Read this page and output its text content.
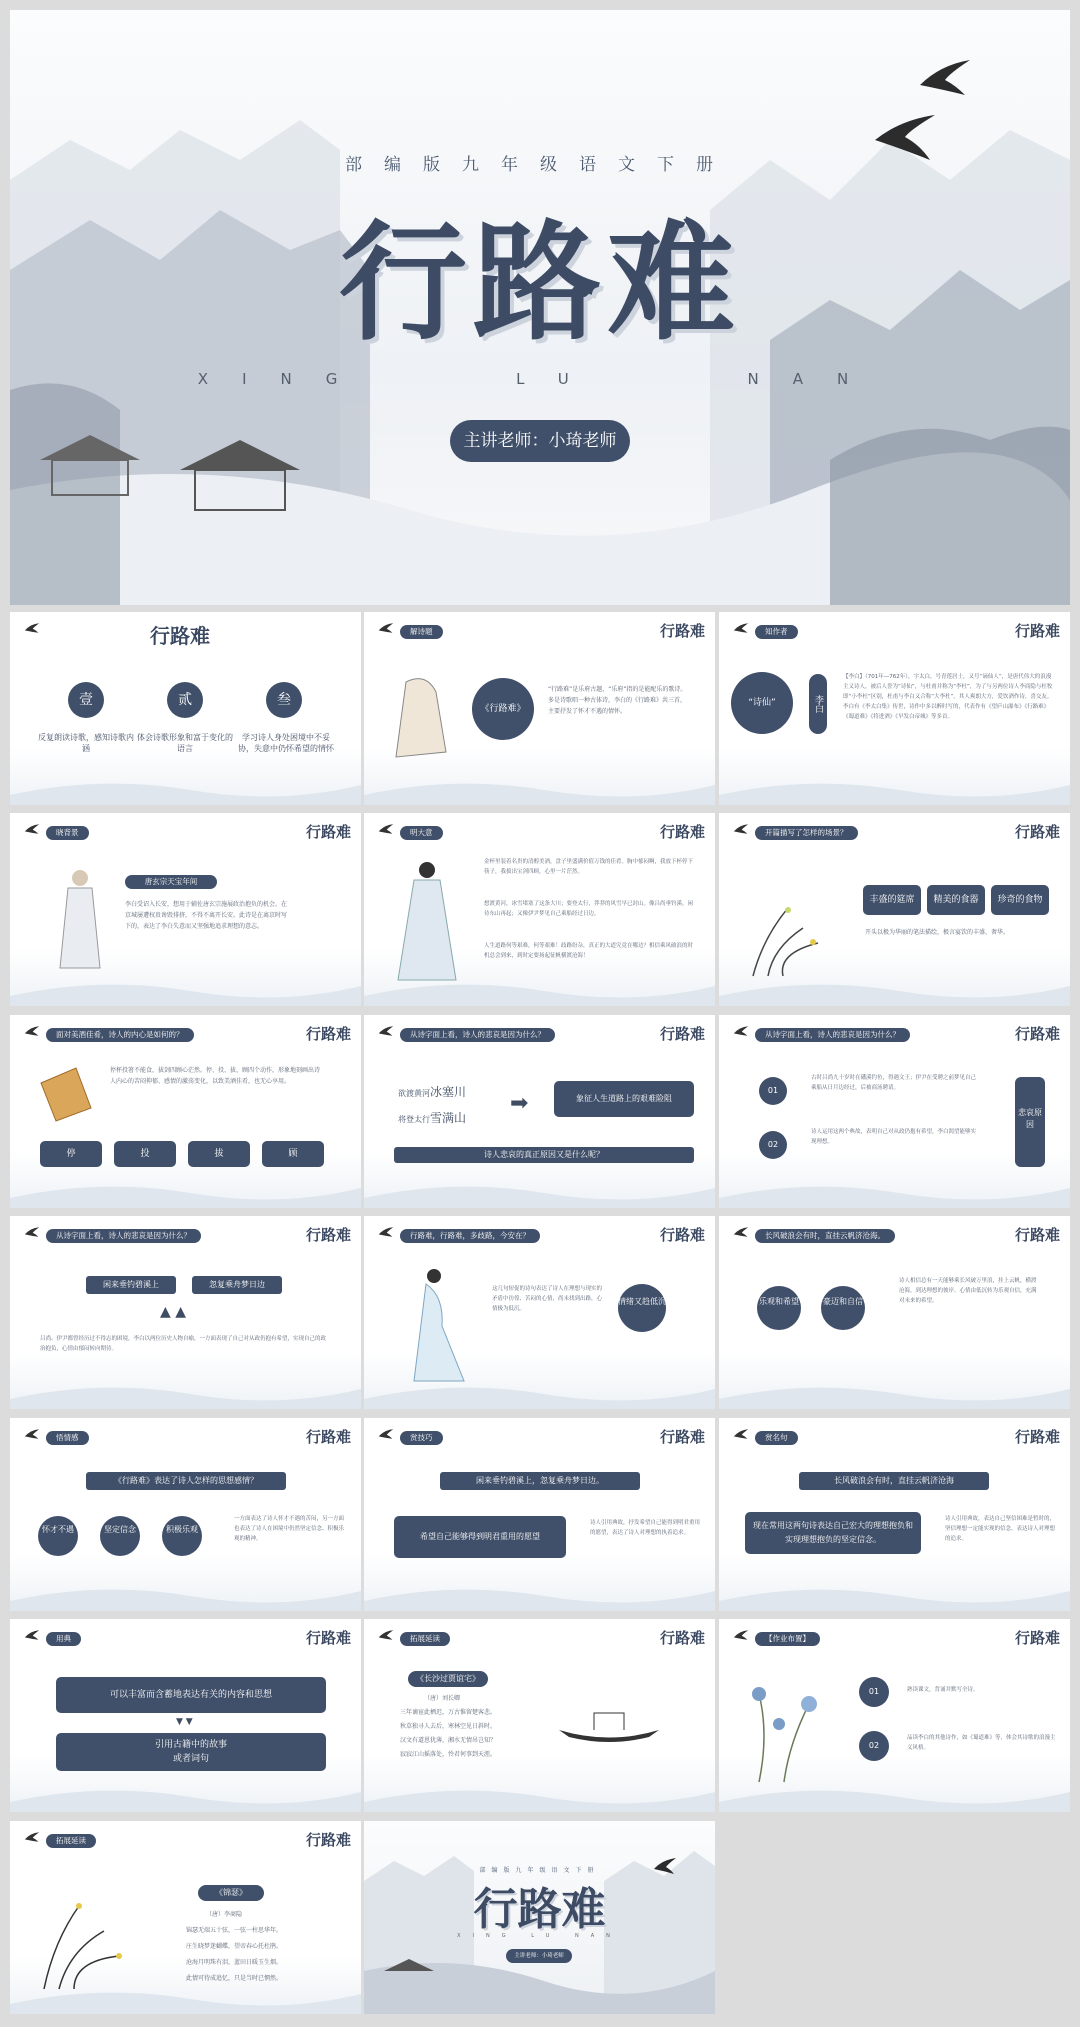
部编版九年级语文下册
行路难
XING	LU	NAN
主讲老师：小琦老师
行路难
壹	贰	叁
反复朗读诗歌，感知诗歌内涵
体会诗歌形象和富于变化的语言
学习诗人身处困境中不妥协，失意中仍怀希望的情怀
解诗题	行路难
《行路难》
“行路难”是乐府古题，“乐府”指的是能配乐的歌诗。多是诗歌唱一种古体诗，李白的《行路难》共三首，主要抒发了怀才不遇的情怀。
知作者	行路难
“诗仙”	李白
【李白】（701年—762年），字太白，号青莲居士，又号“谪仙人”，是唐代伟大的浪漫主义诗人，被后人誉为“诗仙”，与杜甫并称为“李杜”，为了与另两位诗人李商隐与杜牧即“小李杜”区别，杜甫与李白又合称“大李杜”。其人爽朗大方，爱饮酒作诗，喜交友。李白有《李太白集》传世，诗作中多以醉时写的，代表作有《望庐山瀑布》《行路难》《蜀道难》《将进酒》《早发白帝城》等多首。
晓背景	行路难
唐玄宗天宝年间
李白受诏入长安，想用于辅佐唐玄宗施展政治抱负的机会。在京城屡遭权贵谗毁排挤，不得不离开长安。此诗是在离京时写下的，表达了李白失意而又坚强地追求理想的意志。
明大意	行路难
金杯里装着名贵的清醇美酒，盘子里盛满价值万钱的佳肴。胸中郁闷啊，我放下杯停下筷子，我拔出宝剑四顾，心里一片茫然。
想渡黄河，冰雪堵塞了这条大川；要登太行，莽莽的风雪早已封山。像吕尚垂钓溪，闲待东山再起；又像伊尹梦见自己乘船经过日边。
人生道路何等艰难，何等艰难！歧路纷杂，真正的大道究竟在哪边？相信乘风破浪的时机总会到来，到时定要扬起征帆横渡沧海！
开篇描写了怎样的场景？	行路难
丰盛的筵席	精美的食器	珍奇的食物
开头以极为华丽的笔法描绘，极言宴饮的丰盛、奢华。
面对美酒佳肴，诗人的内心是如何的？	行路难
停杯投箸不能食，拔剑四顾心茫然。停、投、拔、顾四个动作，形象地刻画出诗人内心的苦闷抑郁、感情的激荡变化，以致美酒佳肴，也无心享用。
停	投	拔	顾
从诗字面上看，诗人的悲哀是因为什么？	行路难
欲渡黄河冰塞川
将登太行雪满山
➡	象征人生道路上的艰难险阻
诗人悲哀的真正原因又是什么呢？
从诗字面上看，诗人的悲哀是因为什么？	行路难
01
古时吕尚九十岁时在磻溪钓鱼，得遇文王；伊尹在受聘之前梦见自己乘船从日月边经过，后被商汤聘请。
02
诗人运用这两个典故，表明自己对从政仍抱有希望，李白渴望能够实现理想。
悲哀原因
从诗字面上看，诗人的悲哀是因为什么？	行路难
闲来垂钓碧溪上	忽复乘舟梦日边
▲ ▲
吕尚、伊尹都曾经历过不得志的困境，李白以两位历史人物自喻，一方面表现了自己对从政仍抱有希望，实现自己的政治抱负，心情由郁闷转向期待。
行路难，行路难，多歧路，今安在？	行路难
这几句短促的诗句表达了诗人在理想与现实的矛盾中彷徨、苦闷的心情，尚未找到出路，心情极为低沉。
情绪又趋低沉
长风破浪会有时，直挂云帆济沧海。	行路难
乐观和希望	豪迈和自信
诗人相信总有一天能够乘长风破万里浪，挂上云帆，横渡沧海，到达理想的彼岸。心情由低沉转为乐观自信，充满对未来的希望。
悟情感	行路难
《行路难》表达了诗人怎样的思想感情？
怀才不遇	坚定信念	积极乐观
一方面表达了诗人怀才不遇的苦闷，另一方面也表达了诗人在困境中仍然坚定信念、积极乐观的精神。
赏技巧	行路难
闲来垂钓碧溪上，忽复乘舟梦日边。
希望自己能够得到明君重用的愿望
诗人引用典故，抒发希望自己能得到明君重用的愿望，表达了诗人对理想的执着追求。
赏名句	行路难
长风破浪会有时，直挂云帆济沧海
现在常用这两句诗表达自己宏大的理想抱负和实现理想抱负的坚定信念。
诗人引用典故，表达自己坚信困难是暂时的，坚信理想一定能实现的信念。表达诗人对理想的追求。
用典	行路难
可以丰富而含蓄地表达有关的内容和思想
▼ ▼
引用古籍中的故事
或者词句
拓展延读	行路难
《长沙过贾谊宅》
（唐）刘长卿
三年谪宦此栖迟，万古惟留楚客悲。
秋草独寻人去后，寒林空见日斜时。
汉文有道恩犹薄，湘水无情吊岂知？
寂寂江山摇落处，怜君何事到天涯。
【作业布置】	行路难
01	熟读课文，背诵并默写全诗。
02
品读李白的其他诗作，如《蜀道难》等，体会其诗歌的浪漫主义风格。
拓展延读	行路难
《锦瑟》
（唐）李商隐
锦瑟无端五十弦，一弦一柱思华年。
庄生晓梦迷蝴蝶，望帝春心托杜鹃。
沧海月明珠有泪，蓝田日暖玉生烟。
此情可待成追忆，只是当时已惘然。
部编版九年级语文下册
行路难
XING LU NAN
主讲老师：小琦老师
